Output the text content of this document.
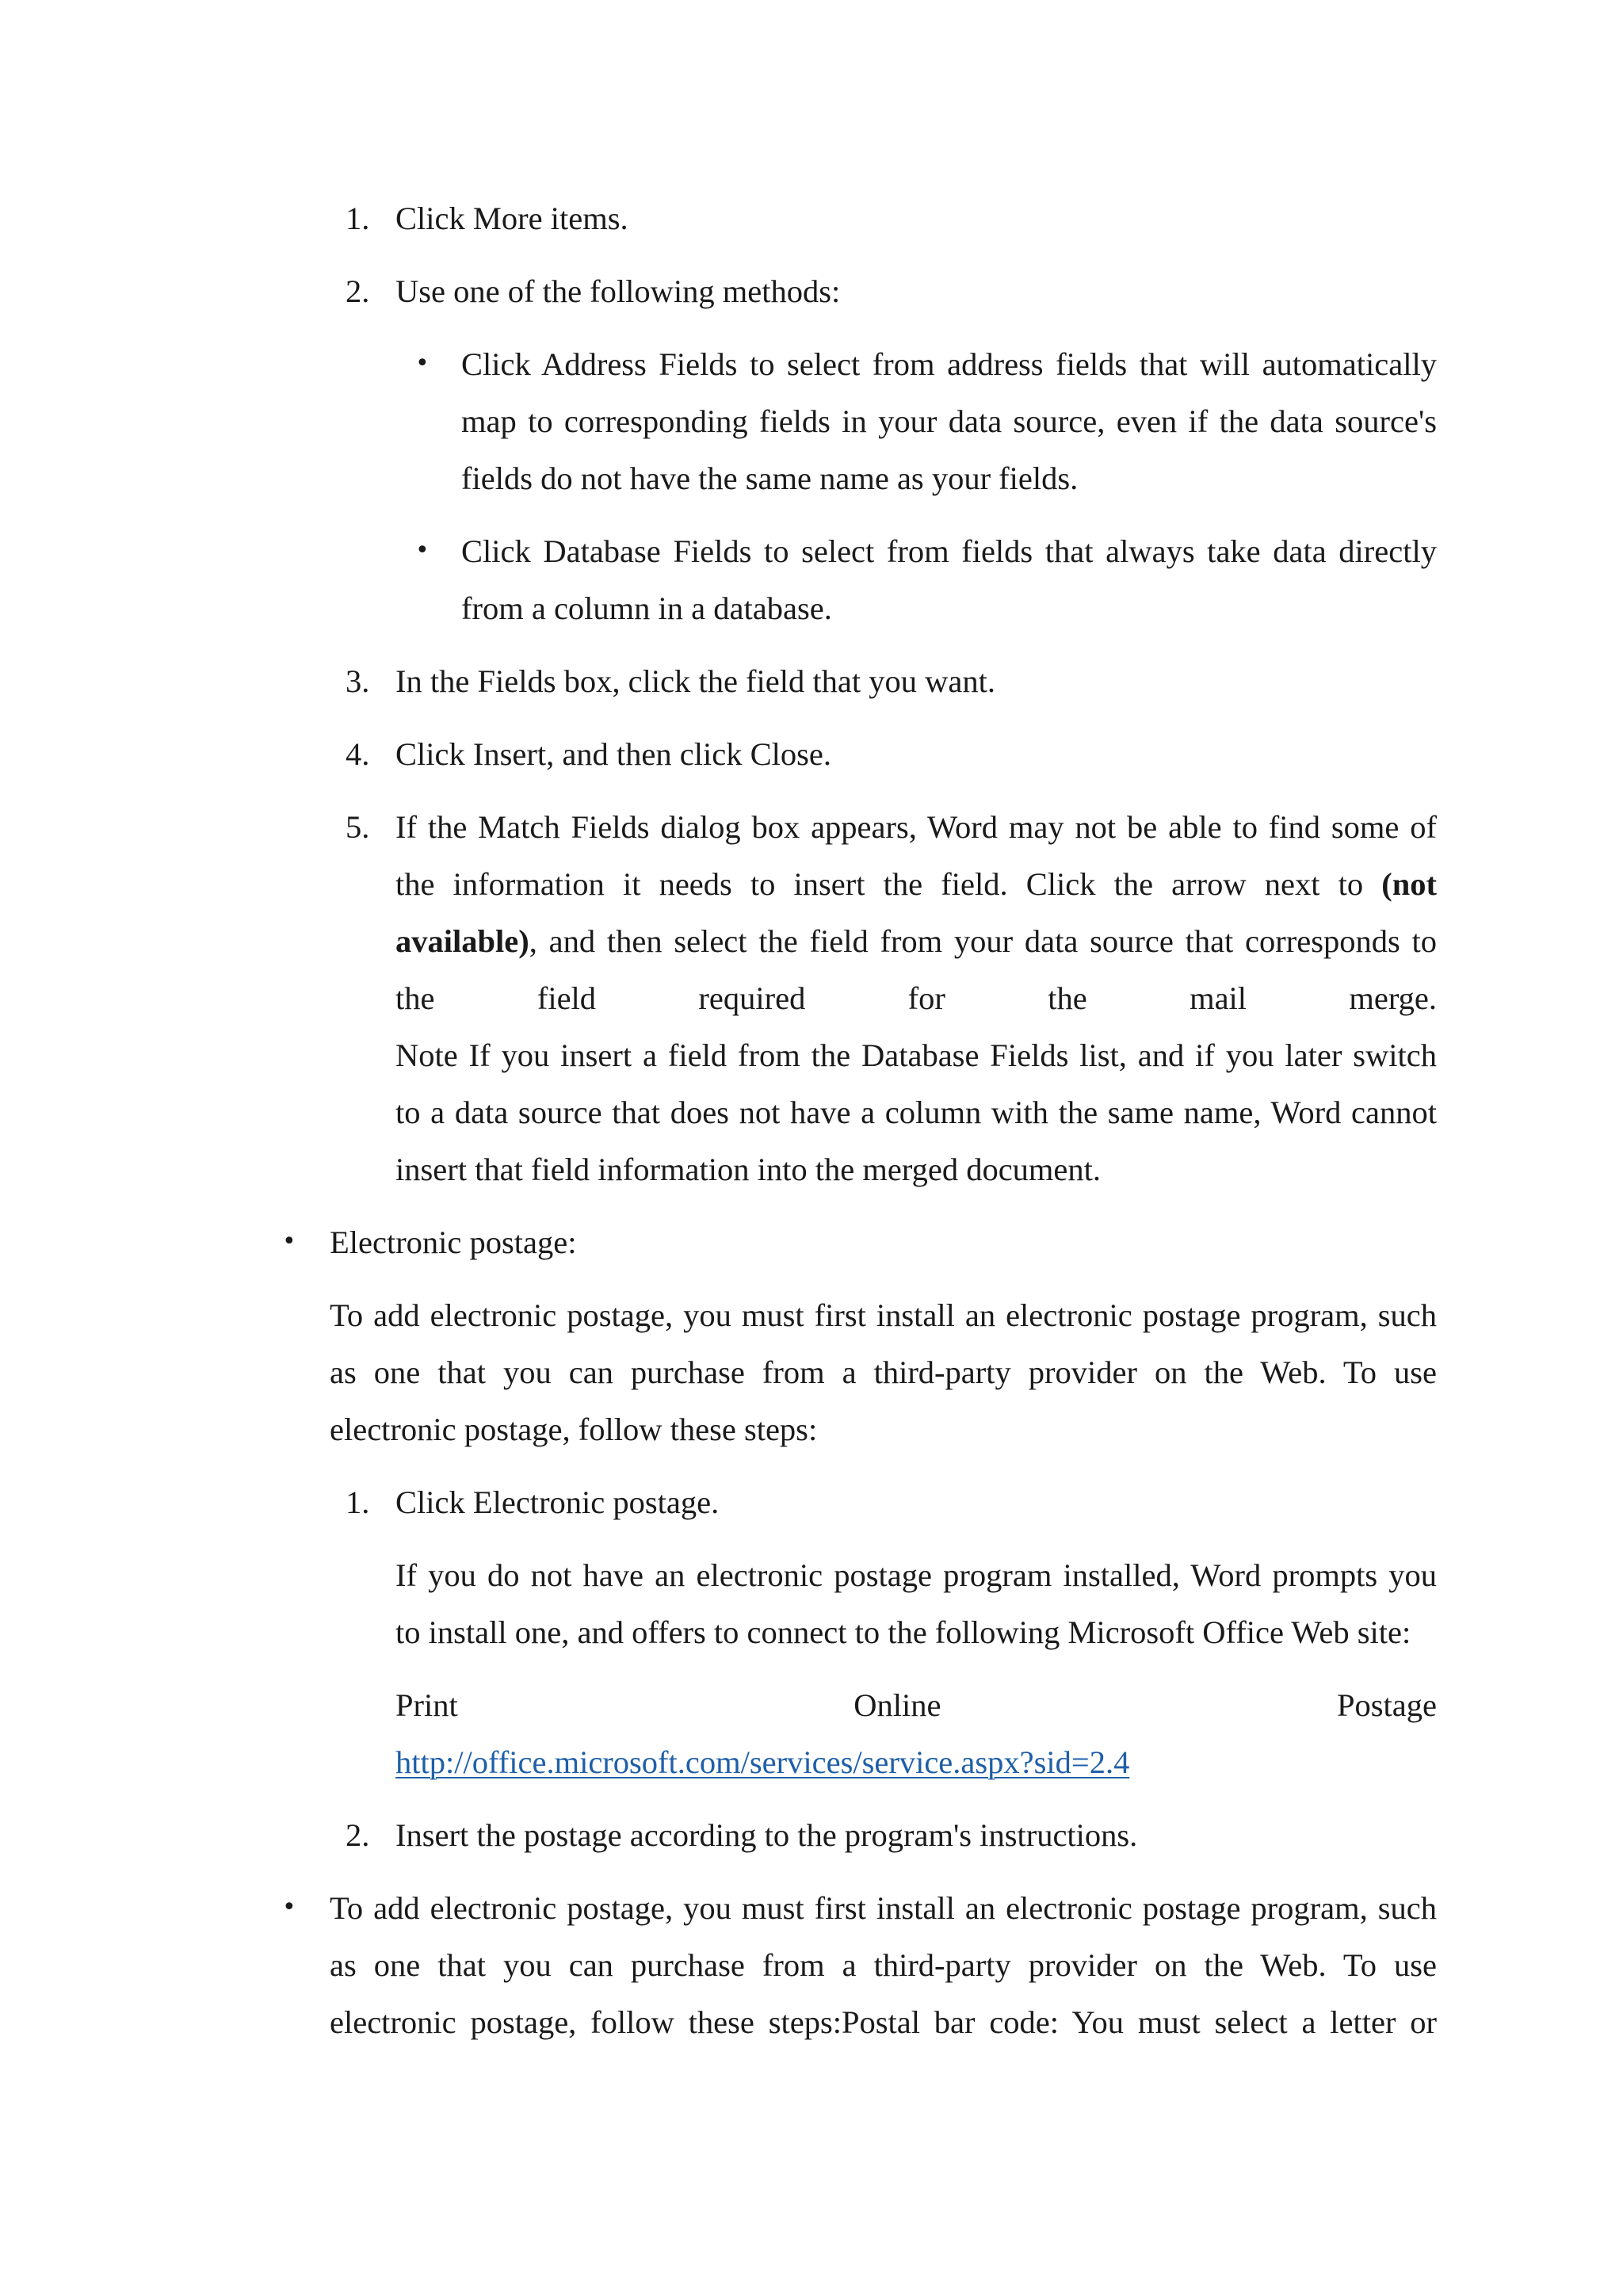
1. Click More items.
2. Use one of the following methods:
• Click Address Fields to select from address fields that will automatically
map to corresponding fields in your data source, even if the data source's
fields do not have the same name as your fields.
• Click Database Fields to select from fields that always take data directly
from a column in a database.
3. In the Fields box, click the field that you want.
4. Click Insert, and then click Close.
5. If the Match Fields dialog box appears, Word may not be able to find some of
the information it needs to insert the field. Click the arrow next to (not
available), and then select the field from your data source that corresponds to
the field required for the mail merge.
Note If you insert a field from the Database Fields list, and if you later switch
to a data source that does not have a column with the same name, Word cannot
insert that field information into the merged document.
• Electronic postage:
To add electronic postage, you must first install an electronic postage program, such
as one that you can purchase from a third-party provider on the Web. To use
electronic postage, follow these steps:
1. Click Electronic postage.
If you do not have an electronic postage program installed, Word prompts you
to install one, and offers to connect to the following Microsoft Office Web site:
Print Online Postage
http://office.microsoft.com/services/service.aspx?sid=2.4
2. Insert the postage according to the program's instructions.
• To add electronic postage, you must first install an electronic postage program, such
as one that you can purchase from a third-party provider on the Web. To use
electronic postage, follow these steps:Postal bar code: You must select a letter or
